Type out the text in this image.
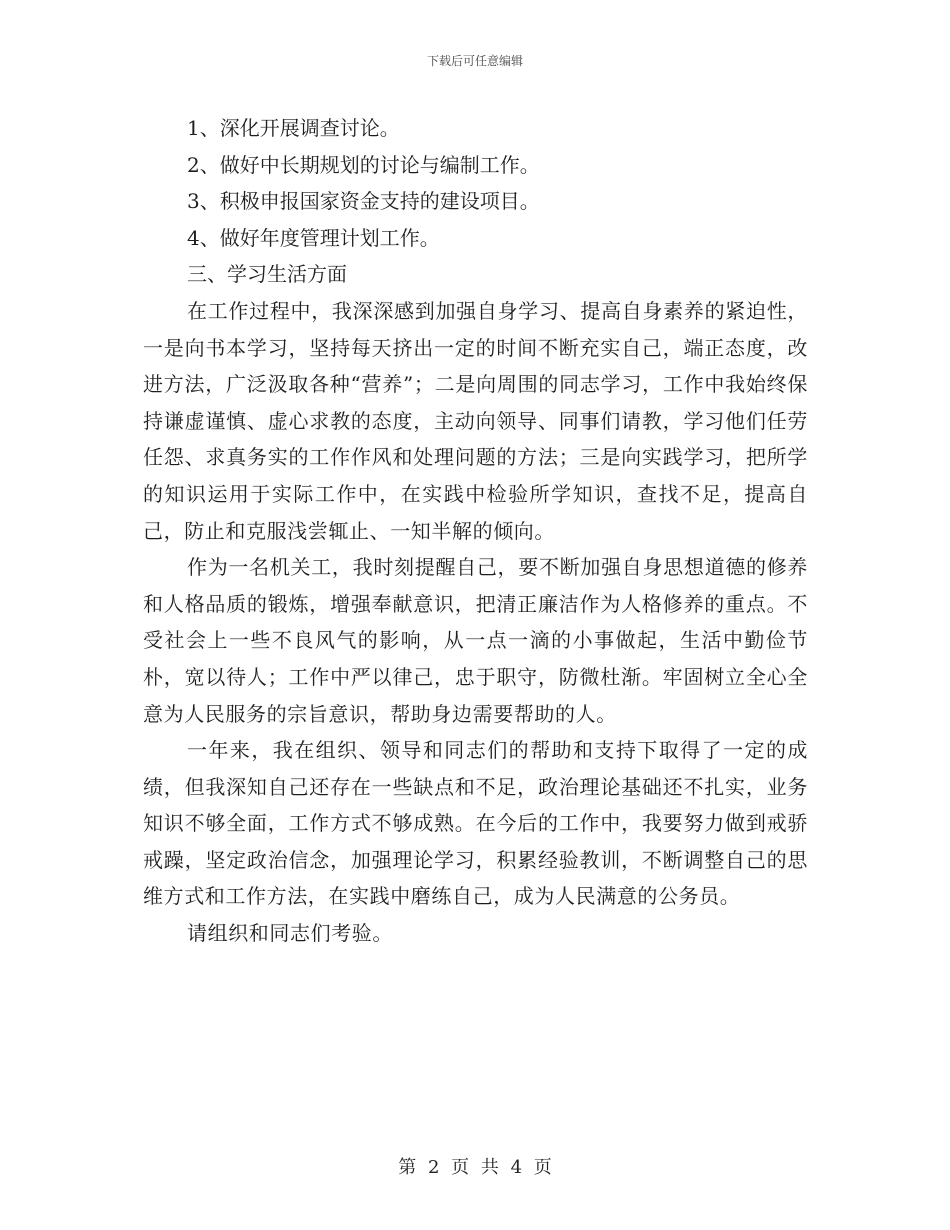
下载后可任意编辑
1、深化开展调查讨论。
2、做好中长期规划的讨论与编制工作。
3、积极申报国家资金支持的建设项目。
4、做好年度管理计划工作。
三、学习生活方面

在工作过程中，我深深感到加强自身学习、提高自身素养的紧迫性，一是向书本学习，坚持每天挤出一定的时间不断充实自己，端正态度，改进方法，广泛汲取各种“营养”；二是向周围的同志学习，工作中我始终保持谦虚谨慎、虚心求教的态度，主动向领导、同事们请教，学习他们任劳任怨、求真务实的工作作风和处理问题的方法；三是向实践学习，把所学的知识运用于实际工作中，在实践中检验所学知识，查找不足，提高自己，防止和克服浅尝辄止、一知半解的倾向。

作为一名机关工，我时刻提醒自己，要不断加强自身思想道德的修养和人格品质的锻炼，增强奉献意识，把清正廉洁作为人格修养的重点。不受社会上一些不良风气的影响，从一点一滴的小事做起，生活中勤俭节朴，宽以待人；工作中严以律己，忠于职守，防微杜渐。牢固树立全心全意为人民服务的宗旨意识，帮助身边需要帮助的人。

一年来，我在组织、领导和同志们的帮助和支持下取得了一定的成绩，但我深知自己还存在一些缺点和不足，政治理论基础还不扎实，业务知识不够全面，工作方式不够成熟。在今后的工作中，我要努力做到戒骄戒躁，坚定政治信念，加强理论学习，积累经验教训，不断调整自己的思维方式和工作方法，在实践中磨练自己，成为人民满意的公务员。

请组织和同志们考验。

第 2 页 共 4 页
